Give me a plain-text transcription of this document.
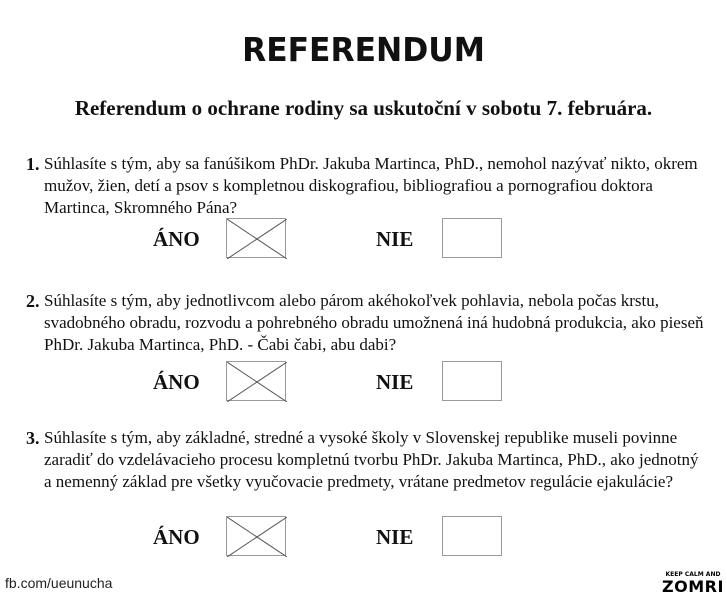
REFERENDUM
Referendum o ochrane rodiny sa uskutoční v sobotu 7. februára.
1. Súhlasíte s tým, aby sa fanúšikom PhDr. Jakuba Martinca, PhD., nemohol nazývať nikto, okrem mužov, žien, detí a psov s kompletnou diskografiou, bibliografiou a pornografiou doktora Martinca, Skromného Pána?
ÁNO	NIE
2. Súhlasíte s tým, aby jednotlivcom alebo párom akéhokoľvek pohlavia, nebola počas krstu, svadobného obradu, rozvodu a pohrebného obradu umožnená iná hudobná produkcia, ako pieseň PhDr. Jakuba Martinca, PhD. - Čabi čabi, abu dabi?
ÁNO	NIE
3. Súhlasíte s tým, aby základné, stredné a vysoké školy v Slovenskej republike museli povinne zaradiť do vzdelávacieho procesu kompletnú tvorbu PhDr. Jakuba Martinca, PhD., ako jednotný a nemenný základ pre všetky vyučovacie predmety, vrátane predmetov regulácie ejakulácie?
ÁNO	NIE
fb.com/ueunucha
KEEP CALM AND
ZOMRI
